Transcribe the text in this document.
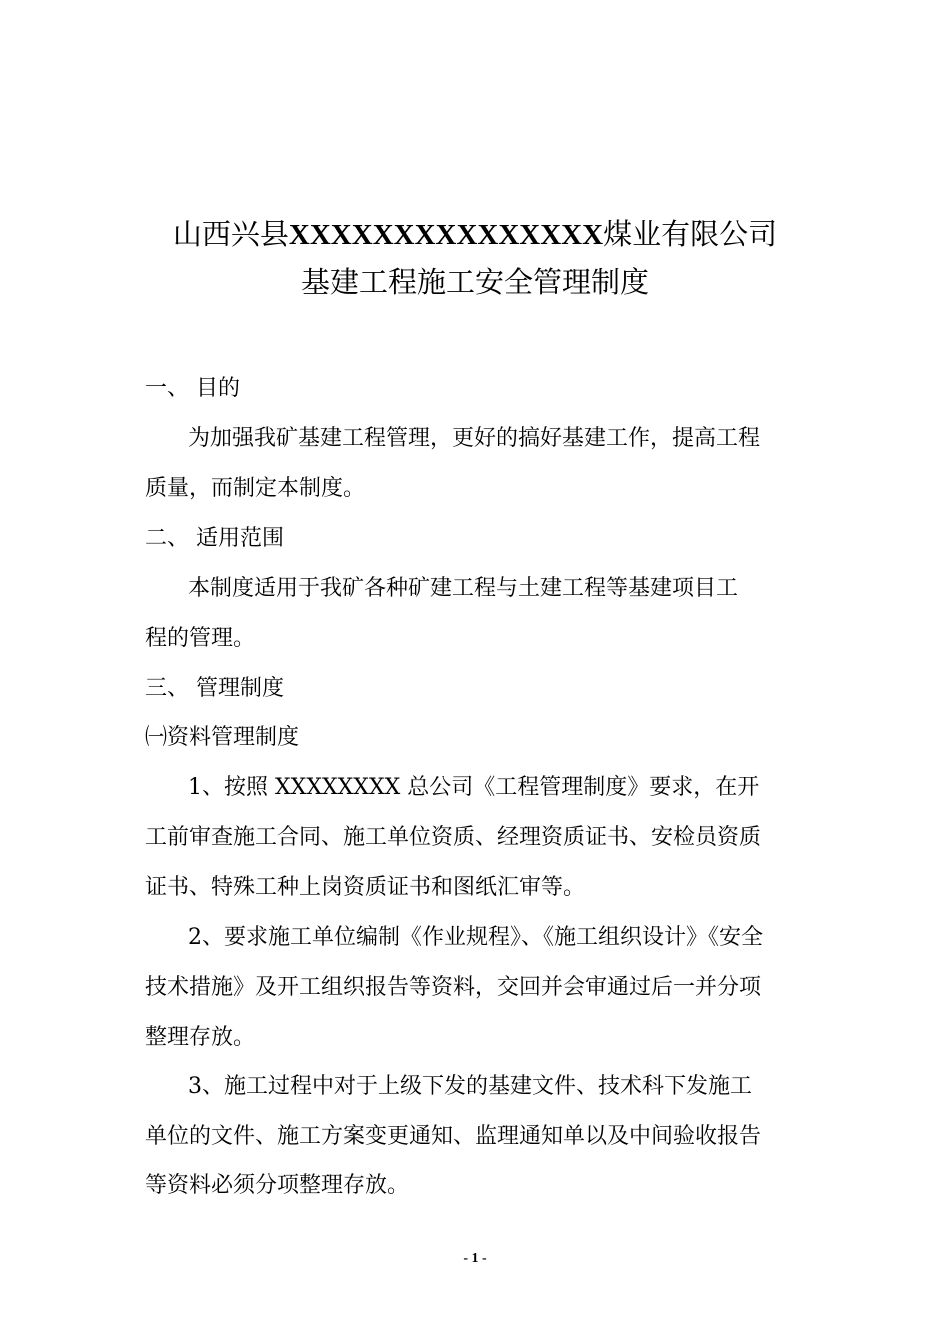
山西兴县XXXXXXXXXXXXXXX煤业有限公司
基建工程施工安全管理制度
一、 目的
为加强我矿基建工程管理，更好的搞好基建工作，提高工程
质量，而制定本制度。
二、 适用范围
本制度适用于我矿各种矿建工程与土建工程等基建项目工
程的管理。
三、 管理制度
㈠资料管理制度
1、按照 XXXXXXXX 总公司《工程管理制度》要求，在开
工前审查施工合同、施工单位资质、经理资质证书、安检员资质
证书、特殊工种上岗资质证书和图纸汇审等。
2、要求施工单位编制《作业规程》、《施工组织设计》《安全
技术措施》及开工组织报告等资料，交回并会审通过后一并分项
整理存放。
3、施工过程中对于上级下发的基建文件、技术科下发施工
单位的文件、施工方案变更通知、监理通知单以及中间验收报告
等资料必须分项整理存放。
- 1 -
